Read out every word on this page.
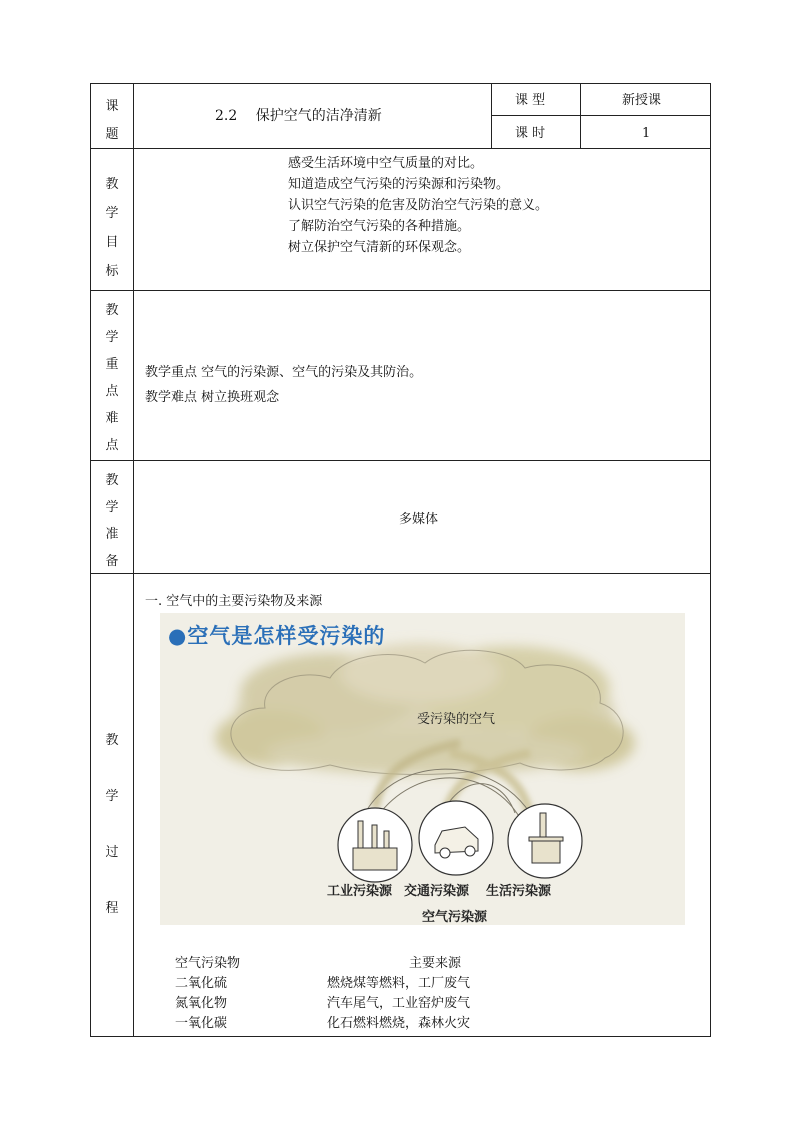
课题
2.2　 保护空气的洁净清新
课 型	新授课
课 时	1
教学目标
感受生活环境中空气质量的对比。
知道造成空气污染的污染源和污染物。
认识空气污染的危害及防治空气污染的意义。
了解防治空气污染的各种措施。
树立保护空气清新的环保观念。
教学重点难点
教学重点 空气的污染源、空气的污染及其防治。
教学难点 树立换班观念
教学准备
多媒体
教学过程
一. 空气中的主要污染物及来源
●空气是怎样受污染的
受污染的空气
工业污染源 交通污染源 生活污染源
空气污染源
空气污染物	主要来源
二氧化硫	燃烧煤等燃料，工厂废气
氮氧化物	汽车尾气，工业窑炉废气
一氧化碳	化石燃料燃烧，森林火灾
